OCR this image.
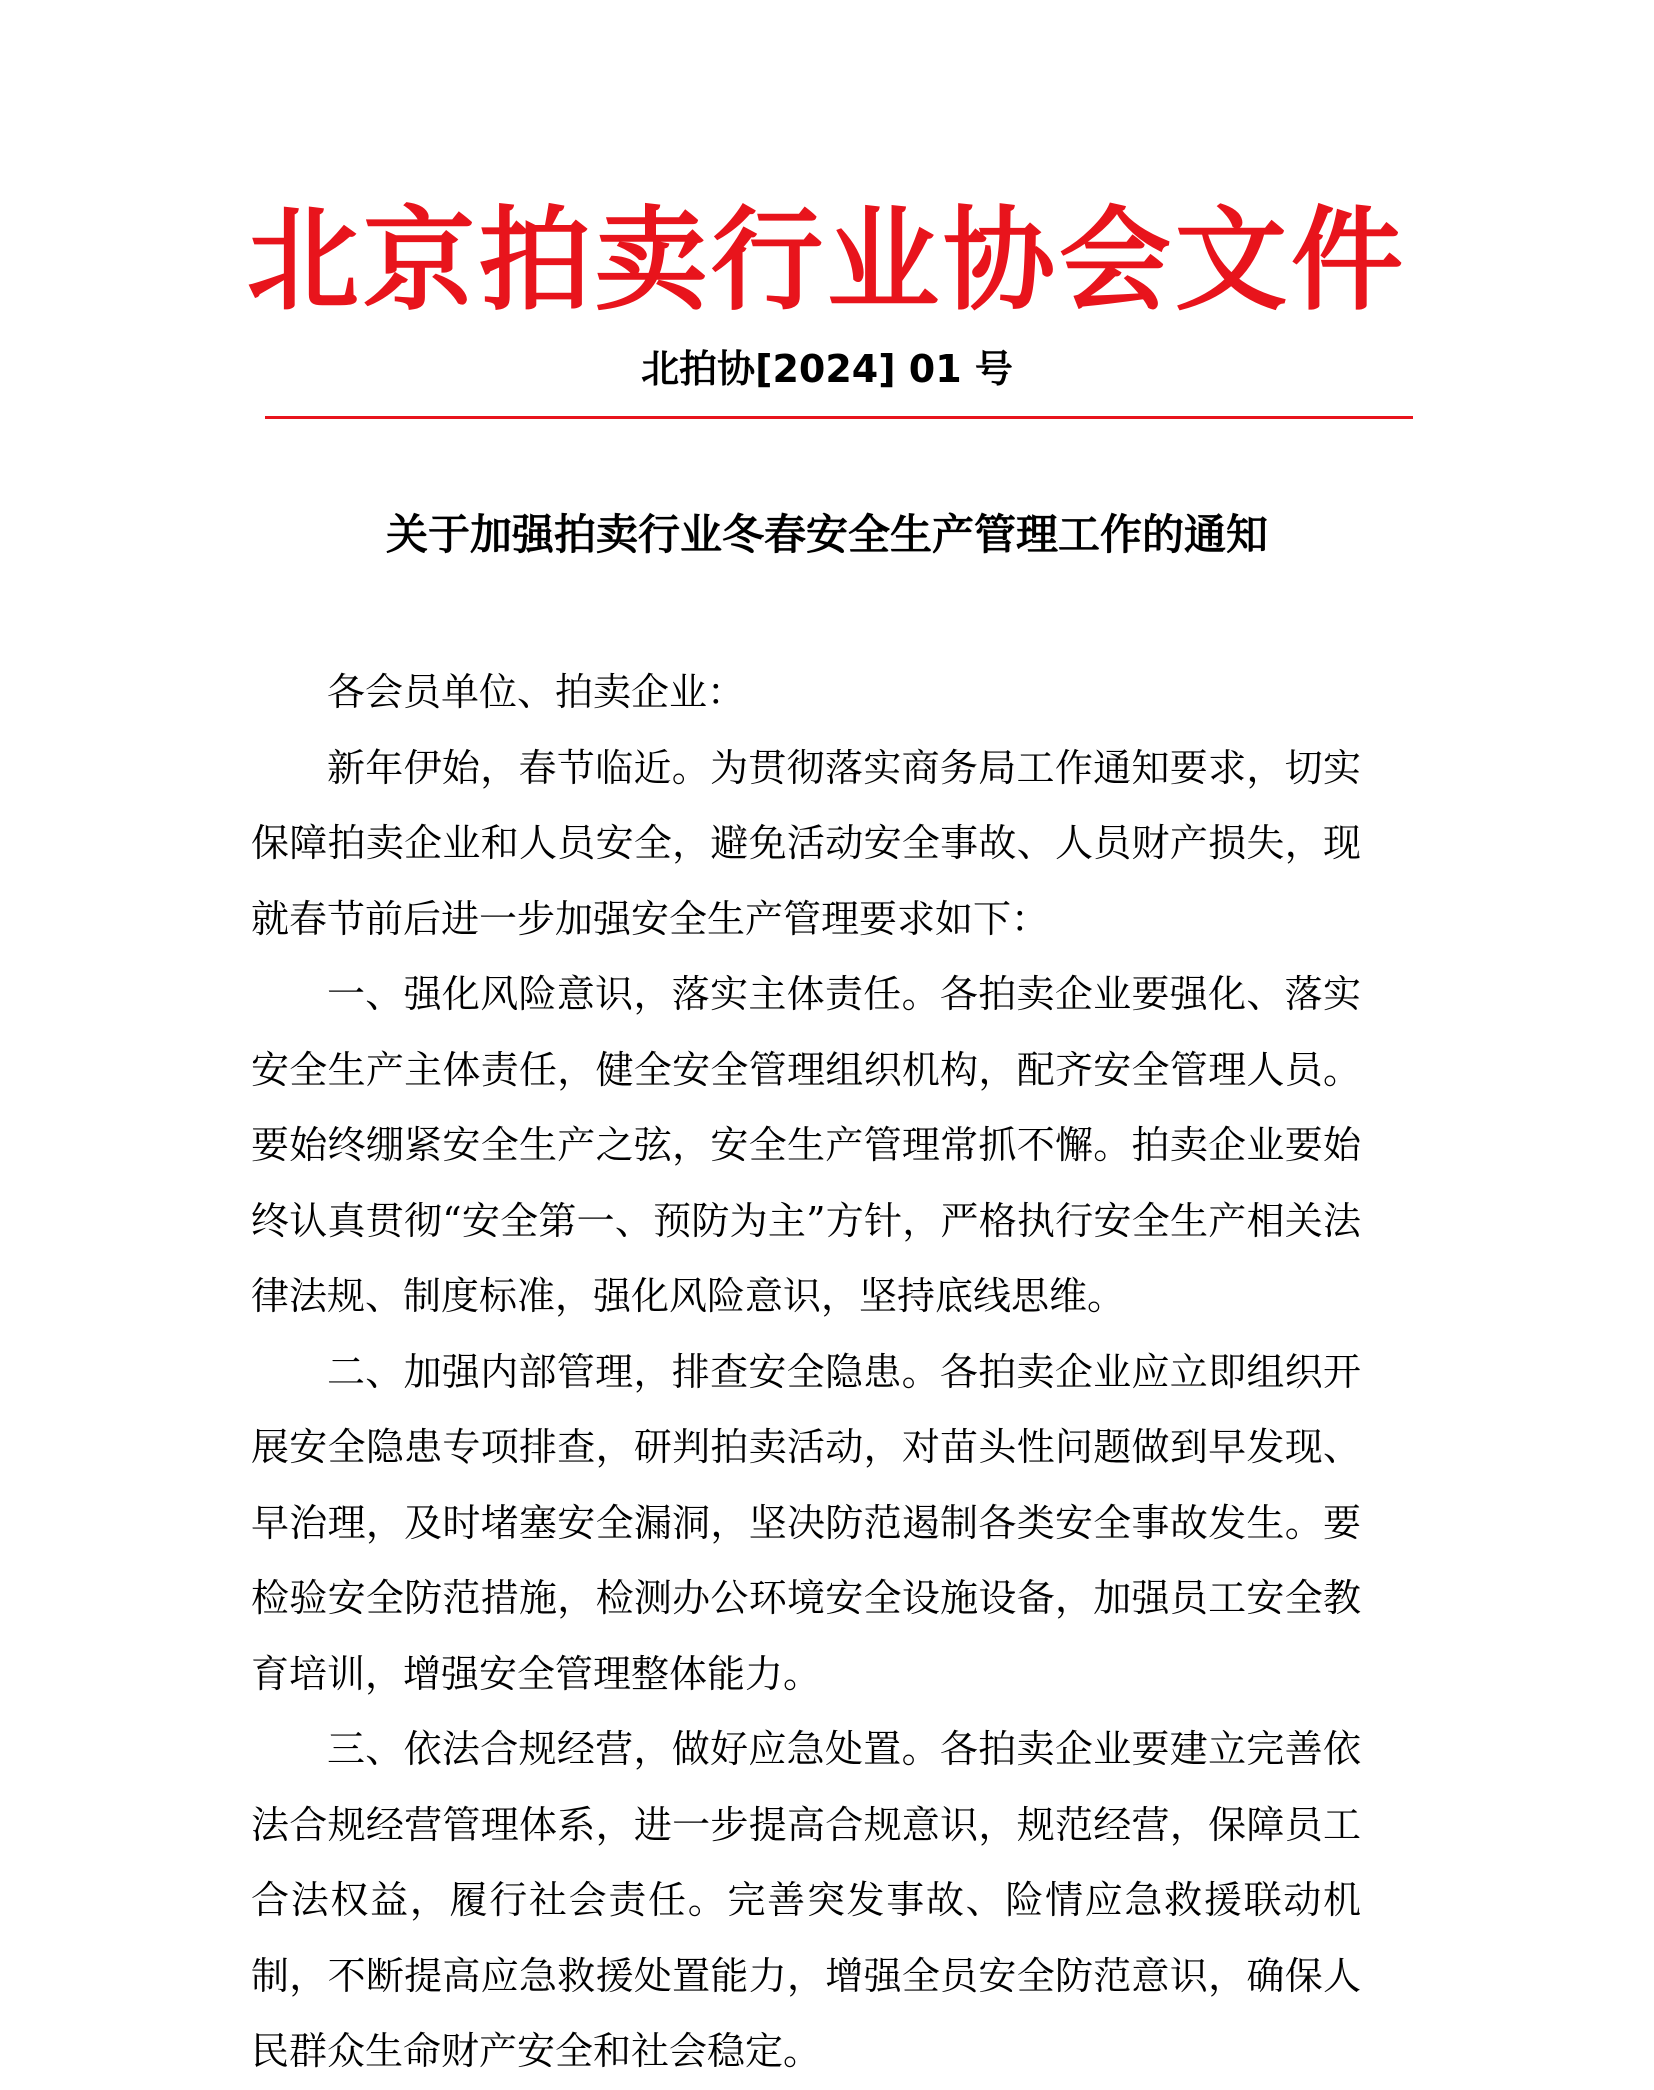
北京拍卖行业协会文件
北拍协[2024] 01 号
关于加强拍卖行业冬春安全生产管理工作的通知

各会员单位、拍卖企业：

新年伊始，春节临近。为贯彻落实商务局工作通知要求，切实保障拍卖企业和人员安全，避免活动安全事故、人员财产损失，现就春节前后进一步加强安全生产管理要求如下：

一、强化风险意识，落实主体责任。各拍卖企业要强化、落实安全生产主体责任，健全安全管理组织机构，配齐安全管理人员。要始终绷紧安全生产之弦，安全生产管理常抓不懈。拍卖企业要始终认真贯彻“安全第一、预防为主”方针，严格执行安全生产相关法律法规、制度标准，强化风险意识，坚持底线思维。

二、加强内部管理，排查安全隐患。各拍卖企业应立即组织开展安全隐患专项排查，研判拍卖活动，对苗头性问题做到早发现、早治理，及时堵塞安全漏洞，坚决防范遏制各类安全事故发生。要检验安全防范措施，检测办公环境安全设施设备，加强员工安全教育培训，增强安全管理整体能力。

三、依法合规经营，做好应急处置。各拍卖企业要建立完善依法合规经营管理体系，进一步提高合规意识，规范经营，保障员工合法权益，履行社会责任。完善突发事故、险情应急救援联动机制，不断提高应急救援处置能力，增强全员安全防范意识，确保人民群众生命财产安全和社会稳定。
